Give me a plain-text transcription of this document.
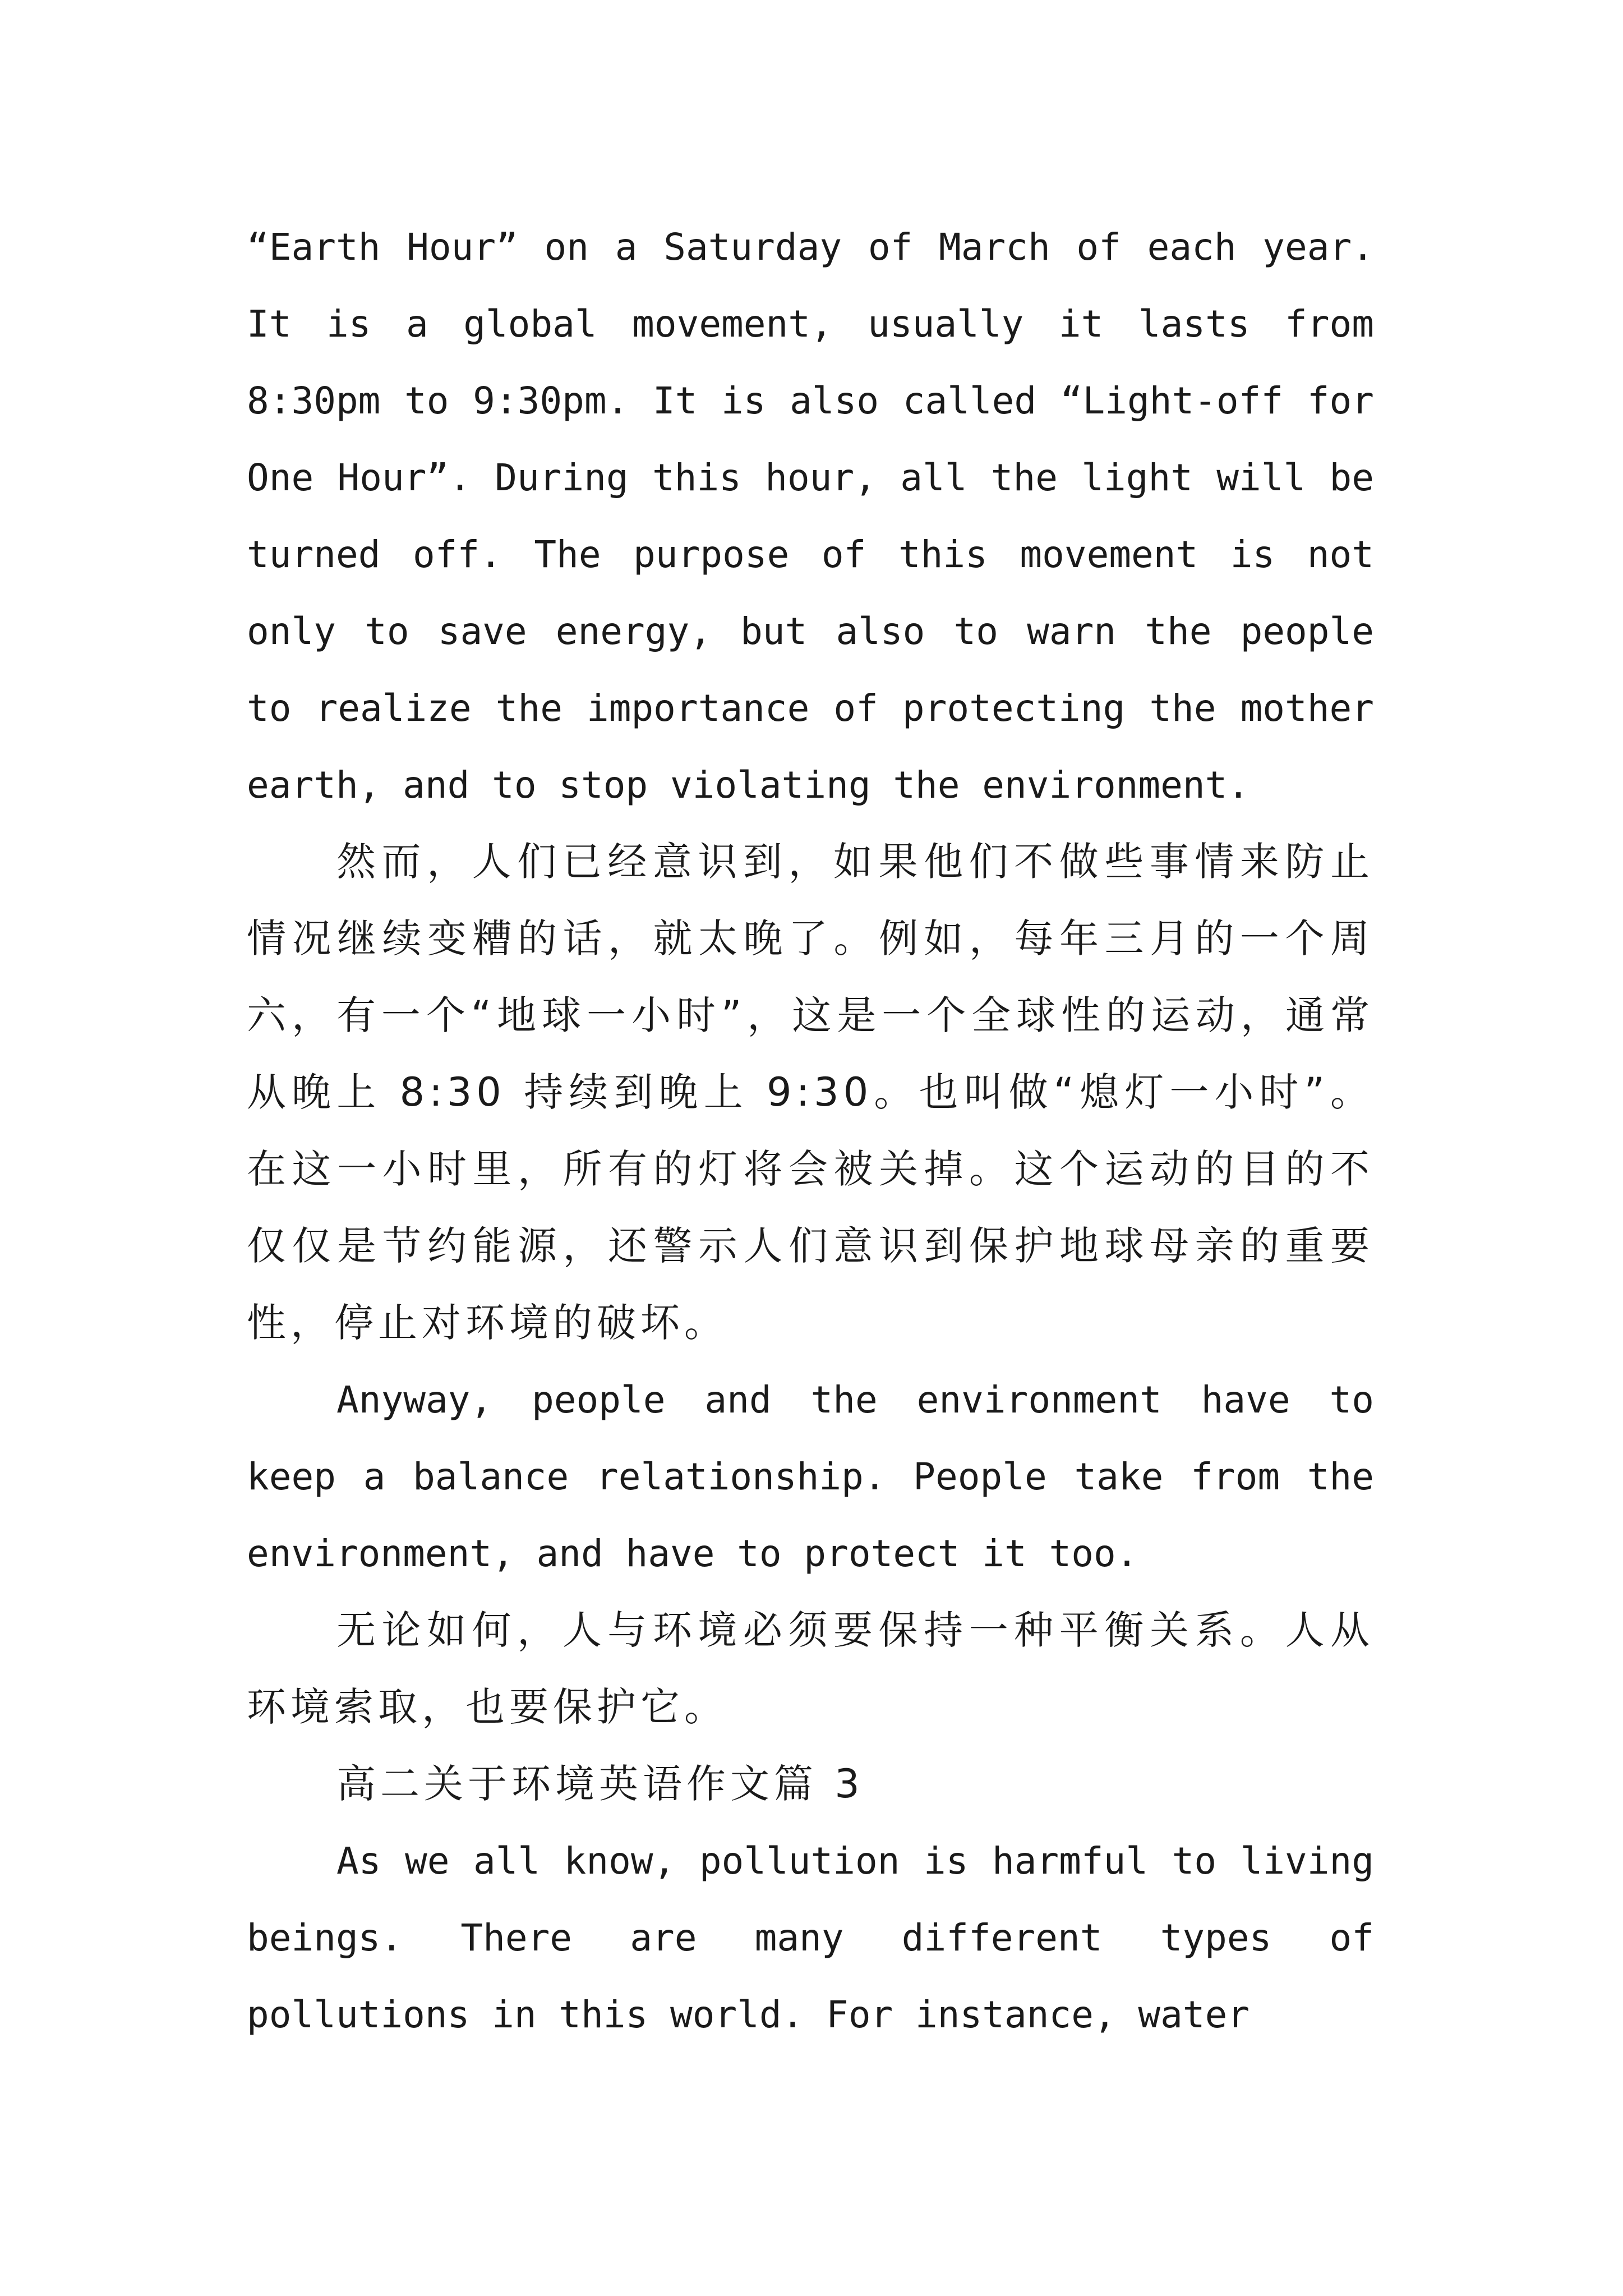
“Earth Hour” on a Saturday of March of each year. It is a global movement, usually it lasts from 8:30pm to 9:30pm. It is also called “Light-off for One Hour”. During this hour, all the light will be turned off. The purpose of this movement is not only to save energy, but also to warn the people to realize the importance of protecting the mother earth, and to stop violating the environment.

然而，人们已经意识到，如果他们不做些事情来防止情况继续变糟的话，就太晚了。例如，每年三月的一个周六，有一个“地球一小时”，这是一个全球性的运动，通常从晚上 8:30 持续到晚上 9:30。也叫做“熄灯一小时”。在这一小时里，所有的灯将会被关掉。这个运动的目的不仅仅是节约能源，还警示人们意识到保护地球母亲的重要性，停止对环境的破坏。

Anyway, people and the environment have to keep a balance relationship. People take from the environment, and have to protect it too.

无论如何，人与环境必须要保持一种平衡关系。人从环境索取，也要保护它。

高二关于环境英语作文篇 3

As we all know, pollution is harmful to living beings. There are many different types of pollutions in this world. For instance, water
